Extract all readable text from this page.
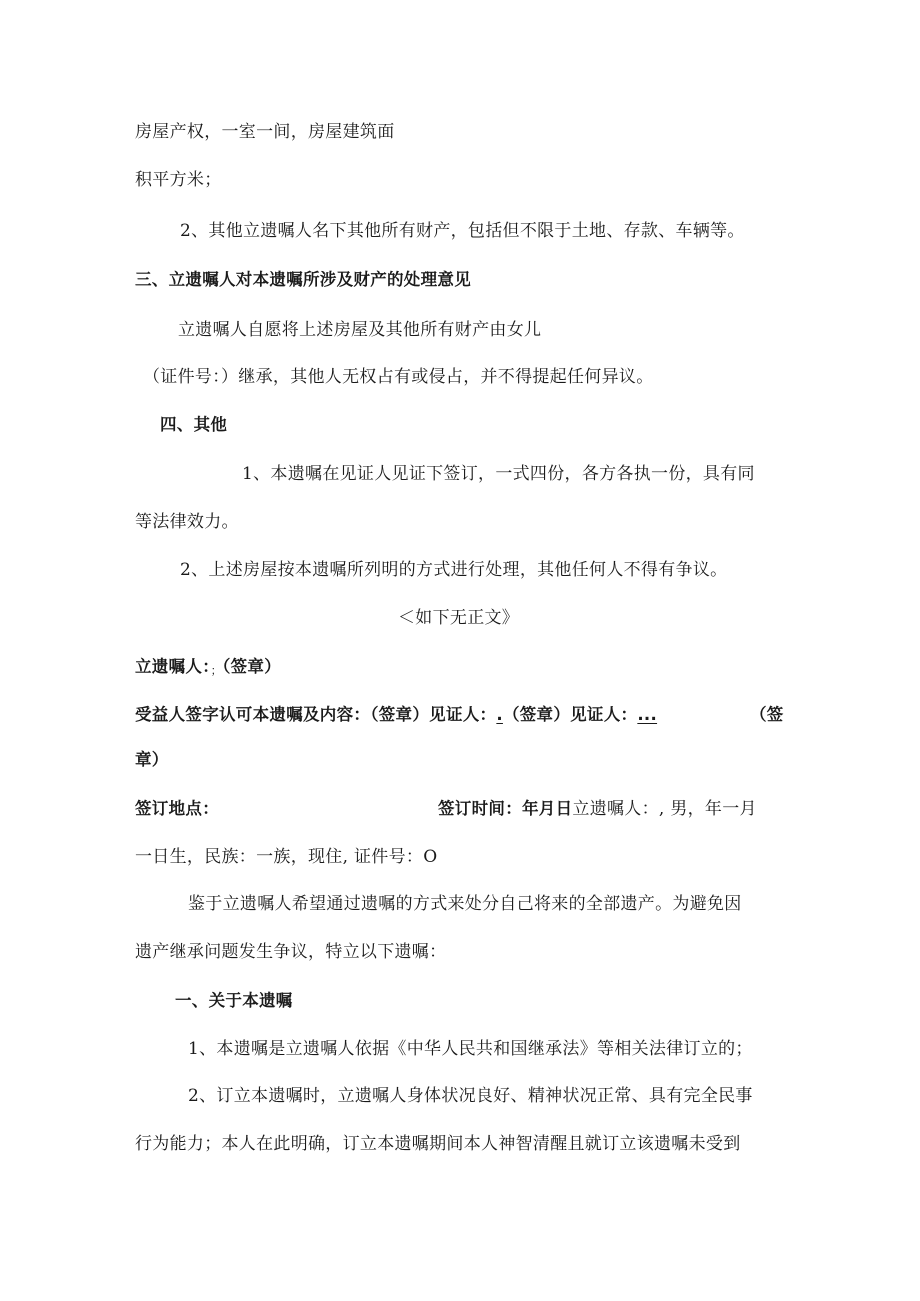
房屋产权，一室一间，房屋建筑面
积平方米；
2、其他立遗嘱人名下其他所有财产，包括但不限于土地、存款、车辆等。
三、立遗嘱人对本遗嘱所涉及财产的处理意见
立遗嘱人自愿将上述房屋及其他所有财产由女儿
（证件号：）继承，其他人无权占有或侵占，并不得提起任何异议。
四、其他
1、本遗嘱在见证人见证下签订，一式四份，各方各执一份，具有同
等法律效力。
2、上述房屋按本遗嘱所列明的方式进行处理，其他任何人不得有争议。
＜如下无正文》
立遗嘱人：；（签章）
受益人签字认可本遗嘱及内容：（签章）见证人：.（签章）见证人：...	（签
章）
签订地点：	签订时间：年月日立遗嘱人：, 男，年一月
一日生，民族：一族，现住, 证件号：O
鉴于立遗嘱人希望通过遗嘱的方式来处分自己将来的全部遗产。为避免因
遗产继承问题发生争议，特立以下遗嘱：
一、关于本遗嘱
1、本遗嘱是立遗嘱人依据《中华人民共和国继承法》等相关法律订立的；
2、订立本遗嘱时，立遗嘱人身体状况良好、精神状况正常、具有完全民事
行为能力；本人在此明确，订立本遗嘱期间本人神智清醒且就订立该遗嘱未受到
